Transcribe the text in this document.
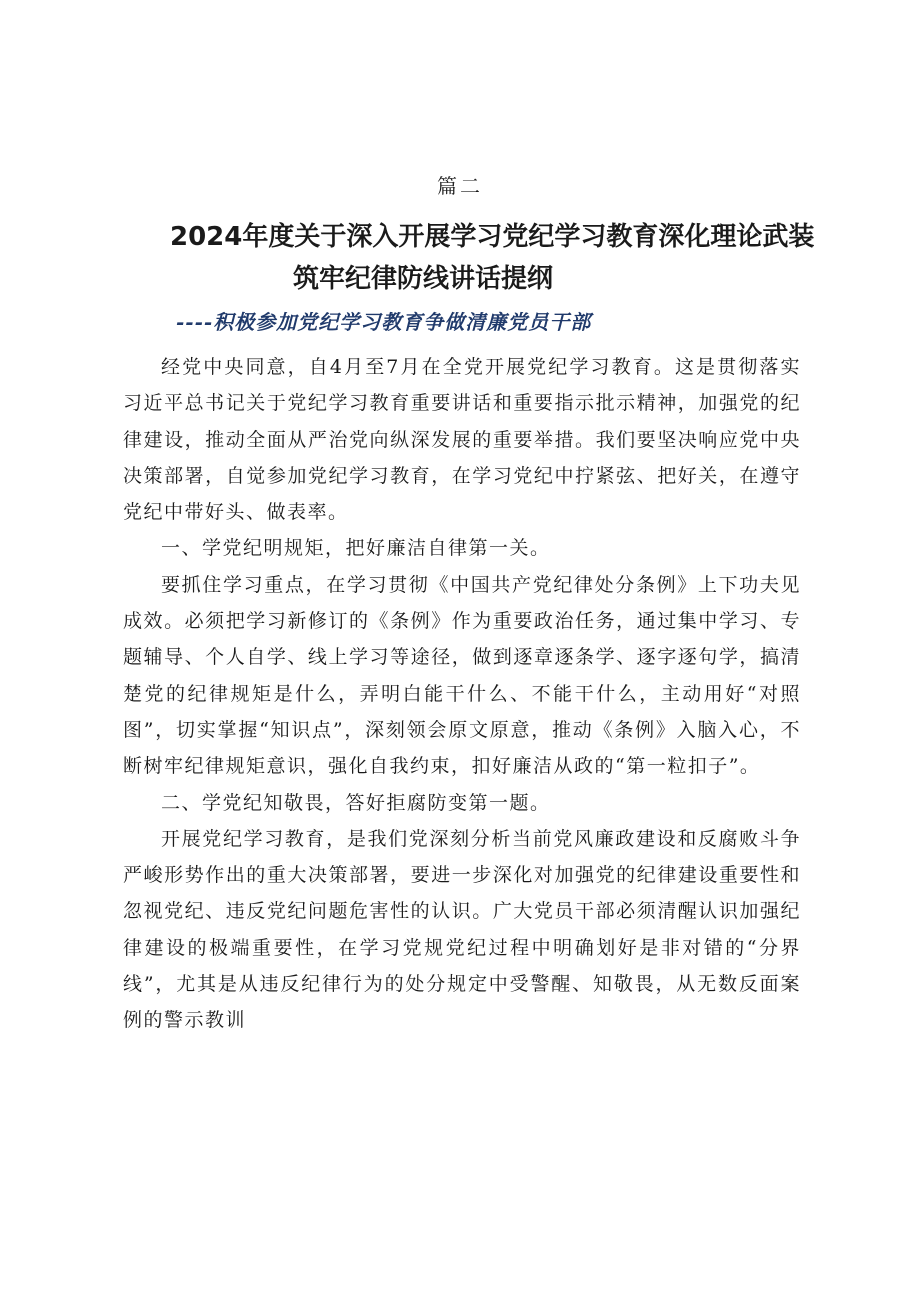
篇二
2024年度关于深入开展学习党纪学习教育深化理论武装
筑牢纪律防线讲话提纲
----积极参加党纪学习教育争做清廉党员干部

经党中央同意，自4月至7月在全党开展党纪学习教育。这是贯彻落实习近平总书记关于党纪学习教育重要讲话和重要指示批示精神，加强党的纪律建设，推动全面从严治党向纵深发展的重要举措。我们要坚决响应党中央决策部署，自觉参加党纪学习教育，在学习党纪中拧紧弦、把好关，在遵守党纪中带好头、做表率。

一、学党纪明规矩，把好廉洁自律第一关。

要抓住学习重点，在学习贯彻《中国共产党纪律处分条例》上下功夫见成效。必须把学习新修订的《条例》作为重要政治任务，通过集中学习、专题辅导、个人自学、线上学习等途径，做到逐章逐条学、逐字逐句学，搞清楚党的纪律规矩是什么，弄明白能干什么、不能干什么，主动用好“对照图”，切实掌握“知识点”，深刻领会原文原意，推动《条例》入脑入心，不断树牢纪律规矩意识，强化自我约束，扣好廉洁从政的“第一粒扣子”。

二、学党纪知敬畏，答好拒腐防变第一题。

开展党纪学习教育，是我们党深刻分析当前党风廉政建设和反腐败斗争严峻形势作出的重大决策部署，要进一步深化对加强党的纪律建设重要性和忽视党纪、违反党纪问题危害性的认识。广大党员干部必须清醒认识加强纪律建设的极端重要性，在学习党规党纪过程中明确划好是非对错的“分界线”，尤其是从违反纪律行为的处分规定中受警醒、知敬畏，从无数反面案例的警示教训
